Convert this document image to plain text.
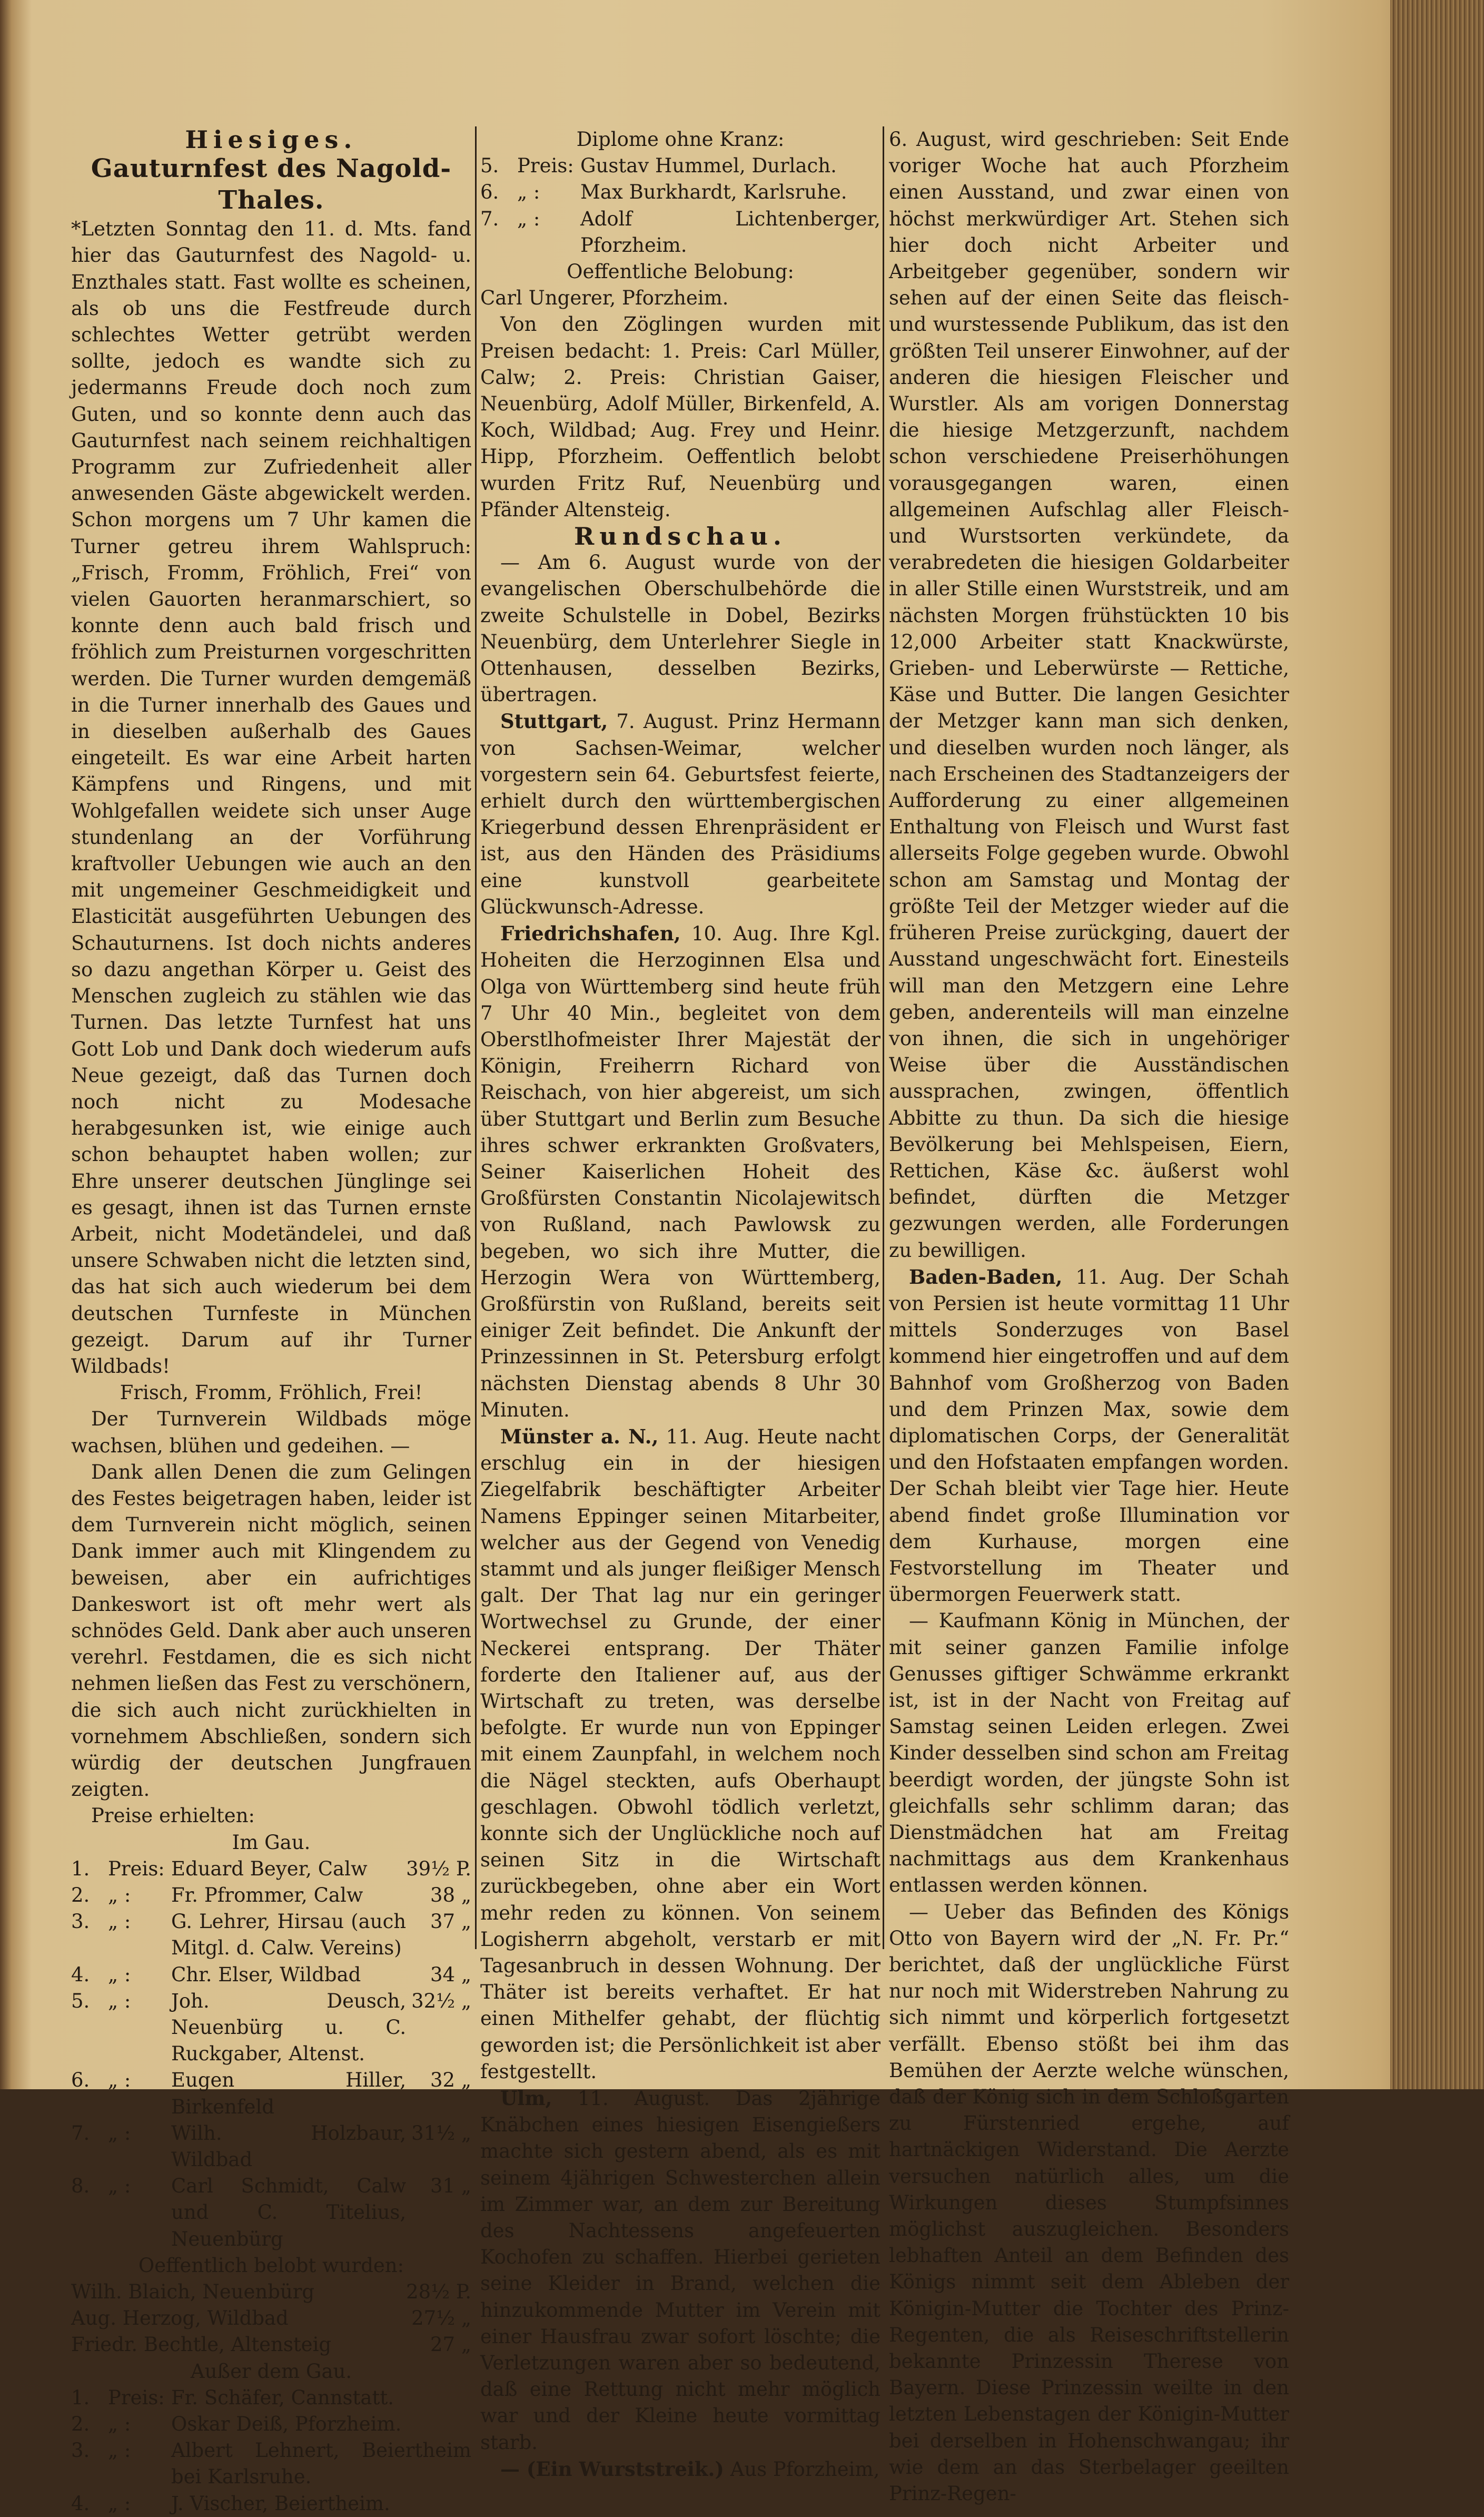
Hiesiges.

Gauturnfest des Nagold-Thales.

*Letzten Sonntag den 11. d. Mts. fand hier das Gauturnfest des Nagold- u. Enzthales statt. Fast wollte es scheinen, als ob uns die Festfreude durch schlechtes Wetter getrübt werden sollte, jedoch es wandte sich zu jedermanns Freude doch noch zum Guten, und so konnte denn auch das Gauturnfest nach seinem reichhaltigen Programm zur Zufriedenheit aller anwesenden Gäste abgewickelt werden. Schon morgens um 7 Uhr kamen die Turner getreu ihrem Wahlspruch: „Frisch, Fromm, Fröhlich, Frei“ von vielen Gauorten heranmarschiert, so konnte denn auch bald frisch und fröhlich zum Preisturnen vorgeschritten werden. Die Turner wurden demgemäß in die Turner innerhalb des Gaues und in dieselben außerhalb des Gaues eingeteilt. Es war eine Arbeit harten Kämpfens und Ringens, und mit Wohlgefallen weidete sich unser Auge stundenlang an der Vorführung kraftvoller Uebungen wie auch an den mit ungemeiner Geschmeidigkeit und Elasticität ausgeführten Uebungen des Schauturnens. Ist doch nichts anderes so dazu angethan Körper u. Geist des Menschen zugleich zu stählen wie das Turnen. Das letzte Turnfest hat uns Gott Lob und Dank doch wiederum aufs Neue gezeigt, daß das Turnen doch noch nicht zu Modesache herabgesunken ist, wie einige auch schon behauptet haben wollen; zur Ehre unserer deutschen Jünglinge sei es gesagt, ihnen ist das Turnen ernste Arbeit, nicht Modetändelei, und daß unsere Schwaben nicht die letzten sind, das hat sich auch wiederum bei dem deutschen Turnfeste in München gezeigt. Darum auf ihr Turner Wildbads!

Frisch, Fromm, Fröhlich, Frei!

Der Turnverein Wildbads möge wachsen, blühen und gedeihen. —

Dank allen Denen die zum Gelingen des Festes beigetragen haben, leider ist dem Turnverein nicht möglich, seinen Dank immer auch mit Klingendem zu beweisen, aber ein aufrichtiges Dankeswort ist oft mehr wert als schnödes Geld. Dank aber auch unseren verehrl. Festdamen, die es sich nicht nehmen ließen das Fest zu verschönern, die sich auch nicht zurückhielten in vornehmem Abschließen, sondern sich würdig der deutschen Jungfrauen zeigten.

Preise erhielten:

Im Gau.

1.	Preis:	Eduard Beyer, Calw	39½ P.
2.	„ :	Fr. Pfrommer, Calw	38 „
3.	„ :	G. Lehrer, Hirsau (auch Mitgl. d. Calw. Vereins)	37 „
4.	„ :	Chr. Elser, Wildbad	34 „
5.	„ :	Joh. Deusch, Neuenbürg u. C. Ruckgaber, Altenst.	32½ „
6.	„ :	Eugen Hiller, Birkenfeld	32 „
7.	„ :	Wilh. Holzbaur, Wildbad	31½ „
8.	„ :	Carl Schmidt, Calw und C. Titelius, Neuenbürg	31 „

Oeffentlich belobt wurden:

Wilh. Blaich, Neuenbürg	28½ P.
Aug. Herzog, Wildbad	27½ „
Friedr. Bechtle, Altensteig	27 „

Außer dem Gau.

1.	Preis:	Fr. Schäfer, Cannstatt.
2.	„ :	Oskar Deiß, Pforzheim.
3.	„ :	Albert Lehnert, Beiertheim bei Karlsruhe.
4.	„ :	J. Vischer, Beiertheim.

Diplome ohne Kranz:

5.	Preis:	Gustav Hummel, Durlach.
6.	„ :	Max Burkhardt, Karlsruhe.
7.	„ :	Adolf Lichtenberger, Pforzheim.

Oeffentliche Belobung:

Carl Ungerer, Pforzheim.

Von den Zöglingen wurden mit Preisen bedacht: 1. Preis: Carl Müller, Calw; 2. Preis: Christian Gaiser, Neuenbürg, Adolf Müller, Birkenfeld, A. Koch, Wildbad; Aug. Frey und Heinr. Hipp, Pforzheim. Oeffentlich belobt wurden Fritz Ruf, Neuenbürg und Pfänder Altensteig.

Rundschau.

— Am 6. August wurde von der evangelischen Oberschulbehörde die zweite Schulstelle in Dobel, Bezirks Neuenbürg, dem Unterlehrer Siegle in Ottenhausen, desselben Bezirks, übertragen.

Stuttgart, 7. August. Prinz Hermann von Sachsen-Weimar, welcher vorgestern sein 64. Geburtsfest feierte, erhielt durch den württembergischen Kriegerbund dessen Ehrenpräsident er ist, aus den Händen des Präsidiums eine kunstvoll gearbeitete Glückwunsch-Adresse.

Friedrichshafen, 10. Aug. Ihre Kgl. Hoheiten die Herzoginnen Elsa und Olga von Württemberg sind heute früh 7 Uhr 40 Min., begleitet von dem Oberstlhofmeister Ihrer Majestät der Königin, Freiherrn Richard von Reischach, von hier abgereist, um sich über Stuttgart und Berlin zum Besuche ihres schwer erkrankten Großvaters, Seiner Kaiserlichen Hoheit des Großfürsten Constantin Nicolajewitsch von Rußland, nach Pawlowsk zu begeben, wo sich ihre Mutter, die Herzogin Wera von Württemberg, Großfürstin von Rußland, bereits seit einiger Zeit befindet. Die Ankunft der Prinzessinnen in St. Petersburg erfolgt nächsten Dienstag abends 8 Uhr 30 Minuten.

Münster a. N., 11. Aug. Heute nacht erschlug ein in der hiesigen Ziegelfabrik beschäftigter Arbeiter Namens Eppinger seinen Mitarbeiter, welcher aus der Gegend von Venedig stammt und als junger fleißiger Mensch galt. Der That lag nur ein geringer Wortwechsel zu Grunde, der einer Neckerei entsprang. Der Thäter forderte den Italiener auf, aus der Wirtschaft zu treten, was derselbe befolgte. Er wurde nun von Eppinger mit einem Zaunpfahl, in welchem noch die Nägel steckten, aufs Oberhaupt geschlagen. Obwohl tödlich verletzt, konnte sich der Unglückliche noch auf seinen Sitz in die Wirtschaft zurückbegeben, ohne aber ein Wort mehr reden zu können. Von seinem Logisherrn abgeholt, verstarb er mit Tagesanbruch in dessen Wohnung. Der Thäter ist bereits verhaftet. Er hat einen Mithelfer gehabt, der flüchtig geworden ist; die Persönlichkeit ist aber festgestellt.

Ulm, 11. August. Das 2jährige Knäbchen eines hiesigen Eisengießers machte sich gestern abend, als es mit seinem 4jährigen Schwesterchen allein im Zimmer war, an dem zur Bereitung des Nachtessens angefeuerten Kochofen zu schaffen. Hierbei gerieten seine Kleider in Brand, welchen die hinzukommende Mutter im Verein mit einer Hausfrau zwar sofort löschte; die Verletzungen waren aber so bedeutend, daß eine Rettung nicht mehr möglich war und der Kleine heute vormittag starb.

— (Ein Wurststreik.) Aus Pforzheim,

6. August, wird geschrieben: Seit Ende voriger Woche hat auch Pforzheim einen Ausstand, und zwar einen von höchst merkwürdiger Art. Stehen sich hier doch nicht Arbeiter und Arbeitgeber gegenüber, sondern wir sehen auf der einen Seite das fleisch- und wurstessende Publikum, das ist den größten Teil unserer Einwohner, auf der anderen die hiesigen Fleischer und Wurstler. Als am vorigen Donnerstag die hiesige Metzgerzunft, nachdem schon verschiedene Preiserhöhungen vorausgegangen waren, einen allgemeinen Aufschlag aller Fleisch- und Wurstsorten verkündete, da verabredeten die hiesigen Goldarbeiter in aller Stille einen Wurststreik, und am nächsten Morgen frühstückten 10 bis 12,000 Arbeiter statt Knackwürste, Grieben- und Leberwürste — Rettiche, Käse und Butter. Die langen Gesichter der Metzger kann man sich denken, und dieselben wurden noch länger, als nach Erscheinen des Stadtanzeigers der Aufforderung zu einer allgemeinen Enthaltung von Fleisch und Wurst fast allerseits Folge gegeben wurde. Obwohl schon am Samstag und Montag der größte Teil der Metzger wieder auf die früheren Preise zurückging, dauert der Ausstand ungeschwächt fort. Einesteils will man den Metzgern eine Lehre geben, anderenteils will man einzelne von ihnen, die sich in ungehöriger Weise über die Ausständischen aussprachen, zwingen, öffentlich Abbitte zu thun. Da sich die hiesige Bevölkerung bei Mehlspeisen, Eiern, Rettichen, Käse &c. äußerst wohl befindet, dürften die Metzger gezwungen werden, alle Forderungen zu bewilligen.

Baden-Baden, 11. Aug. Der Schah von Persien ist heute vormittag 11 Uhr mittels Sonderzuges von Basel kommend hier eingetroffen und auf dem Bahnhof vom Großherzog von Baden und dem Prinzen Max, sowie dem diplomatischen Corps, der Generalität und den Hofstaaten empfangen worden. Der Schah bleibt vier Tage hier. Heute abend findet große Illumination vor dem Kurhause, morgen eine Festvorstellung im Theater und übermorgen Feuerwerk statt.

— Kaufmann König in München, der mit seiner ganzen Familie infolge Genusses giftiger Schwämme erkrankt ist, ist in der Nacht von Freitag auf Samstag seinen Leiden erlegen. Zwei Kinder desselben sind schon am Freitag beerdigt worden, der jüngste Sohn ist gleichfalls sehr schlimm daran; das Dienstmädchen hat am Freitag nachmittags aus dem Krankenhaus entlassen werden können.

— Ueber das Befinden des Königs Otto von Bayern wird der „N. Fr. Pr.“ berichtet, daß der unglückliche Fürst nur noch mit Widerstreben Nahrung zu sich nimmt und körperlich fortgesetzt verfällt. Ebenso stößt bei ihm das Bemühen der Aerzte welche wünschen, daß der König sich in dem Schloßgarten zu Fürstenried ergehe, auf hartnäckigen Widerstand. Die Aerzte versuchen natürlich alles, um die Wirkungen dieses Stumpfsinnes möglichst auszugleichen. Besonders lebhaften Anteil an dem Befinden des Königs nimmt seit dem Ableben der Königin-Mutter die Tochter des Prinz-Regenten, die als Reiseschriftstellerin bekannte Prinzessin Therese von Bayern. Diese Prinzessin weilte in den letzten Lebenstagen der Königin-Mutter bei derselben in Hohenschwangau; ihr wie dem an das Sterbelager geeilten Prinz-Regen-
